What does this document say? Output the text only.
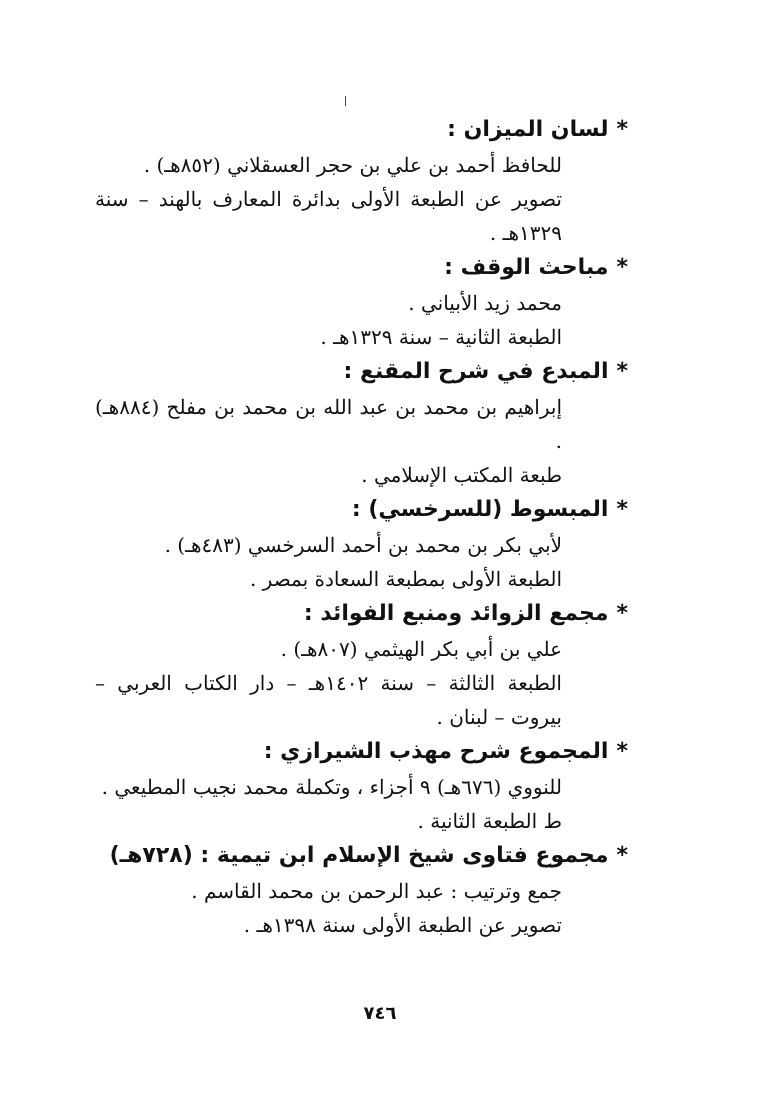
*لسان الميزان :
للحافظ أحمد بن علي بن حجر العسقلاني (٨٥٢هـ) .
تصوير عن الطبعة الأولى بدائرة المعارف بالهند – سنة ١٣٢٩هـ .
*مباحث الوقف :
محمد زيد الأبياني .
الطبعة الثانية – سنة ١٣٢٩هـ .
*المبدع في شرح المقنع :
إبراهيم بن محمد بن عبد الله بن محمد بن مفلح (٨٨٤هـ) .
طبعة المكتب الإسلامي .
*المبسوط (للسرخسي) :
لأبي بكر بن محمد بن أحمد السرخسي (٤٨٣هـ) .
الطبعة الأولى بمطبعة السعادة بمصر .
*مجمع الزوائد ومنبع الفوائد :
علي بن أبي بكر الهيثمي (٨٠٧هـ) .
الطبعة الثالثة – سنة ١٤٠٢هـ – دار الكتاب العربي – بيروت – لبنان .
*المجموع شرح مهذب الشيرازي :
للنووي (٦٧٦هـ) ٩ أجزاء ، وتكملة محمد نجيب المطيعي .
ط الطبعة الثانية .
*مجموع فتاوى شيخ الإسلام ابن تيمية : (٧٢٨هـ)
جمع وترتيب : عبد الرحمن بن محمد القاسم .
تصوير عن الطبعة الأولى سنة ١٣٩٨هـ .
٧٤٦
